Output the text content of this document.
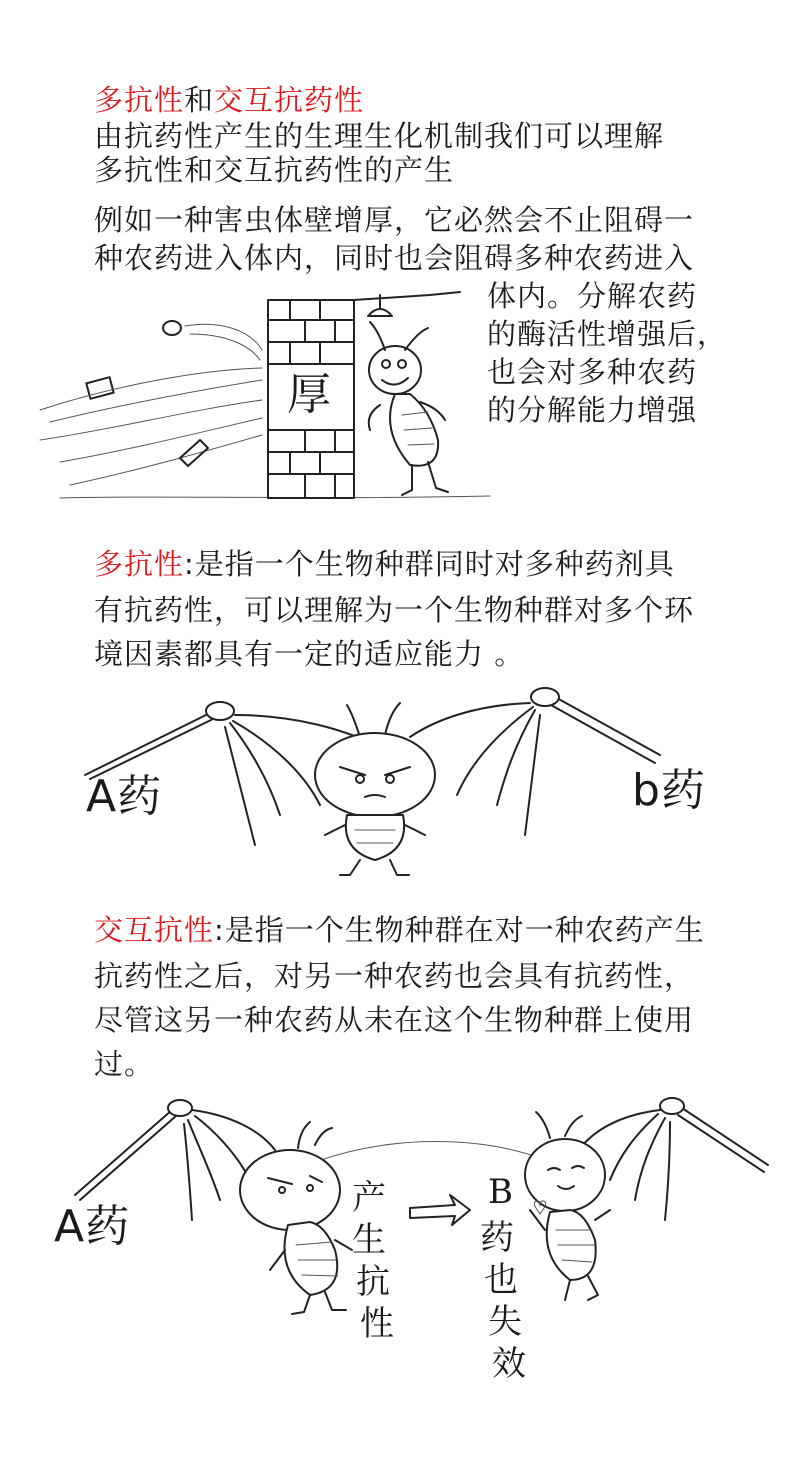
多抗性和交互抗药性
由抗药性产生的生理生化机制我们可以理解
多抗性和交互抗药性的产生
例如一种害虫体壁增厚，它必然会不止阻碍一
种农药进入体内，同时也会阻碍多种农药进入
体内。分解农药
的酶活性增强后，
也会对多种农药
的分解能力增强
厚
多抗性:是指一个生物种群同时对多种药剂具
有抗药性，可以理解为一个生物种群对多个环
境因素都具有一定的适应能力 。
A药	b药
交互抗性:是指一个生物种群在对一种农药产生
抗药性之后，对另一种农药也会具有抗药性，
尽管这另一种农药从未在这个生物种群上使用
过。
A药
产
生
抗
性
B
药
也
失
效
